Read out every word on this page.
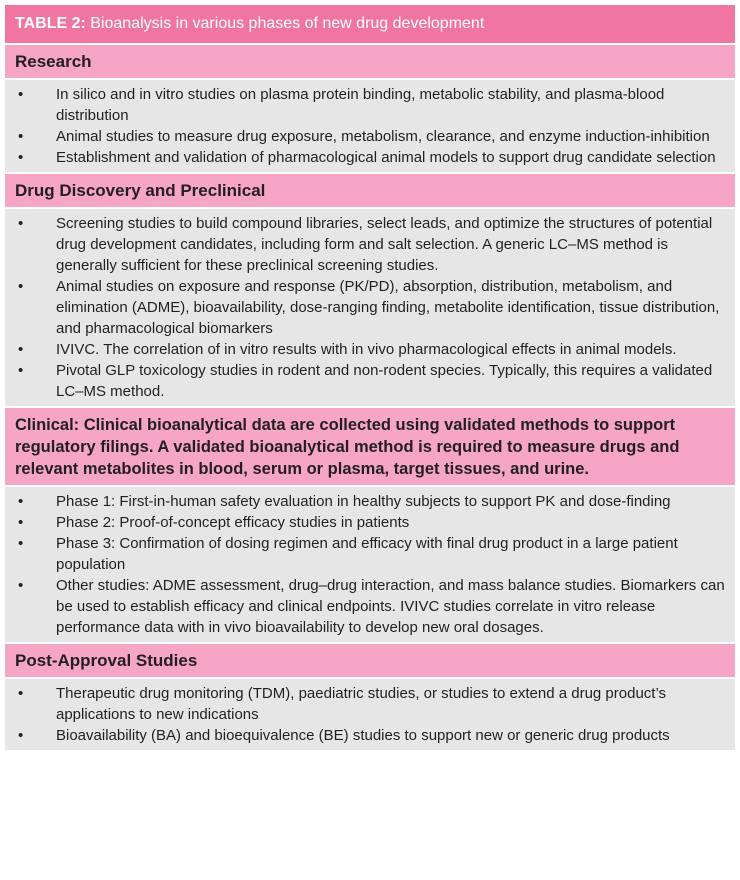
TABLE 2: Bioanalysis in various phases of new drug development
Research
• In silico and in vitro studies on plasma protein binding, metabolic stability, and plasma-blood distribution
• Animal studies to measure drug exposure, metabolism, clearance, and enzyme induction-inhibition
• Establishment and validation of pharmacological animal models to support drug candidate selection
Drug Discovery and Preclinical
• Screening studies to build compound libraries, select leads, and optimize the structures of potential drug development candidates, including form and salt selection. A generic LC–MS method is generally sufficient for these preclinical screening studies.
• Animal studies on exposure and response (PK/PD), absorption, distribution, metabolism, and elimination (ADME), bioavailability, dose-ranging finding, metabolite identification, tissue distribution, and pharmacological biomarkers
• IVIVC. The correlation of in vitro results with in vivo pharmacological effects in animal models.
• Pivotal GLP toxicology studies in rodent and non-rodent species. Typically, this requires a validated LC–MS method.
Clinical: Clinical bioanalytical data are collected using validated methods to support regulatory filings. A validated bioanalytical method is required to measure drugs and relevant metabolites in blood, serum or plasma, target tissues, and urine.
• Phase 1: First-in-human safety evaluation in healthy subjects to support PK and dose-finding
• Phase 2: Proof-of-concept efficacy studies in patients
• Phase 3: Confirmation of dosing regimen and efficacy with final drug product in a large patient population
• Other studies: ADME assessment, drug–drug interaction, and mass balance studies. Biomarkers can be used to establish efficacy and clinical endpoints. IVIVC studies correlate in vitro release performance data with in vivo bioavailability to develop new oral dosages.
Post-Approval Studies
• Therapeutic drug monitoring (TDM), paediatric studies, or studies to extend a drug product’s applications to new indications
• Bioavailability (BA) and bioequivalence (BE) studies to support new or generic drug products
